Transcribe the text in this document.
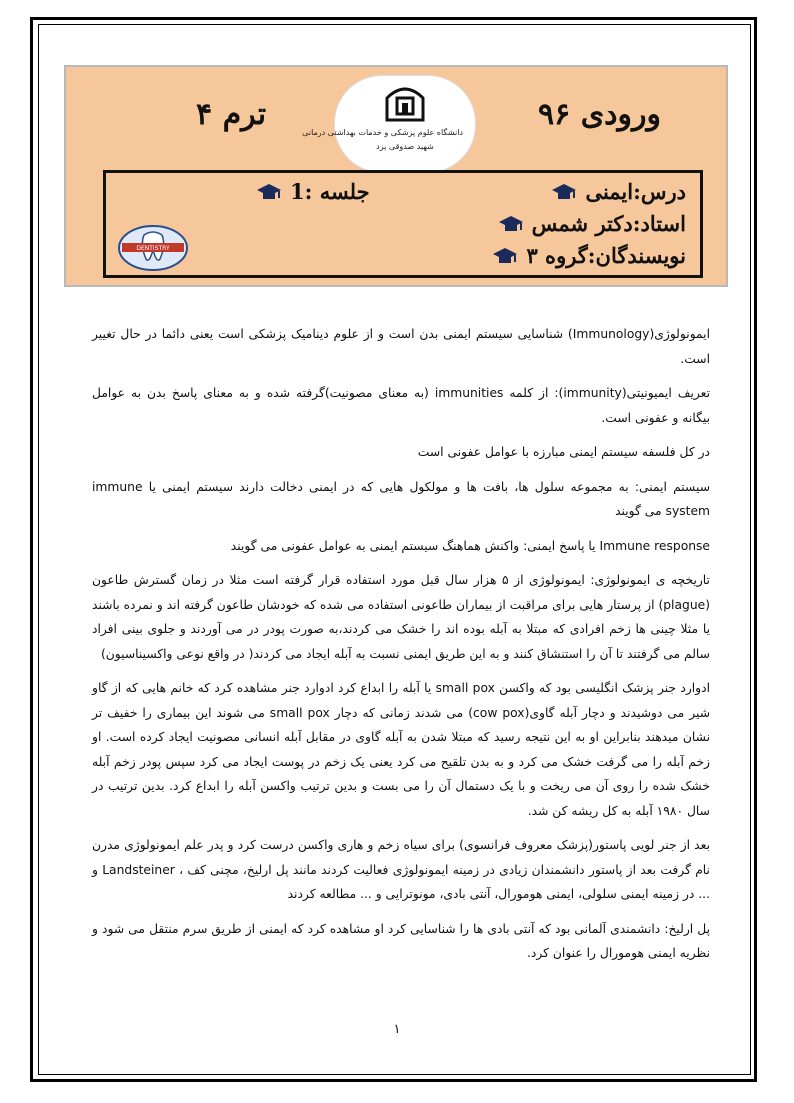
ترم ۴	ورودی ۹۶
دانشگاه علوم پزشکی و خدمات بهداشتی درمانی
شهید صدوقی یزد
درس:ایمنی
جلسه :1
استاد:دکتر شمس
نویسندگان:گروه ۳
DENTISTRY

ایمونولوژی(Immunology) شناسایی سیستم ایمنی بدن است و از علوم دینامیک پزشکی است یعنی دائما در حال تغییر است.

تعریف ایمیونیتی(immunity): از کلمه immunities (به معنای مصونیت)گرفته شده و به معنای پاسخ بدن به عوامل بیگانه و عفونی است.

در کل فلسفه سیستم ایمنی مبارزه با عوامل عفونی است

سیستم ایمنی: به مجموعه سلول ها، بافت ها و مولکول هایی که در ایمنی دخالت دارند سیستم ایمنی یا immune system می گویند

Immune response یا پاسخ ایمنی: واکنش هماهنگ سیستم ایمنی به عوامل عفونی می گویند

تاریخچه ی ایمونولوژی: ایمونولوژی از ۵ هزار سال قبل مورد استفاده قرار گرفته است مثلا در زمان گسترش طاعون (plague) از پرستار هایی برای مراقبت از بیماران طاعونی استفاده می شده که خودشان طاعون گرفته اند و نمرده باشند یا مثلا چینی ها زخم افرادی که مبتلا به آبله بوده اند را خشک می کردند،به صورت پودر در می آوردند و جلوی بینی افراد سالم می گرفتند تا آن را استنشاق کنند و به این طریق ایمنی نسبت به آبله ایجاد می کردند( در واقع نوعی واکسیناسیون)

ادوارد جنر پزشک انگلیسی بود که واکسن small pox یا آبله را ابداع کرد ادوارد جنر مشاهده کرد که خانم هایی که از گاو شیر می دوشیدند و دچار آبله گاوی(cow pox) می شدند زمانی که دچار small pox می شوند این بیماری را خفیف تر نشان میدهند بنابراین او به این نتیجه رسید که مبتلا شدن به آبله گاوی در مقابل آبله انسانی مصونیت ایجاد کرده است. او زخم آبله را می گرفت خشک می کرد و به بدن تلقیح می کرد یعنی یک زخم در پوست ایجاد می کرد سپس پودر زخم آبله خشک شده را روی آن می ریخت و با یک دستمال آن را می بست و بدین ترتیب واکسن آبله را ابداع کرد. بدین ترتیب در سال ۱۹۸۰ آبله به کل ریشه کن شد.

بعد از جنر لویی پاستور(پزشک معروف فرانسوی) برای سیاه زخم و هاری واکسن درست کرد و پدر علم ایمونولوژی مدرن نام گرفت بعد از پاستور دانشمندان زیادی در زمینه ایمونولوژی فعالیت کردند مانند پل ارلیخ، مچنی کف ، Landsteiner و ... در زمینه ایمنی سلولی، ایمنی هومورال، آنتی بادی، مونوترایی و ... مطالعه کردند

پل ارلیخ: دانشمندی آلمانی بود که آنتی بادی ها را شناسایی کرد او مشاهده کرد که ایمنی از طریق سرم منتقل می شود و نظریه ایمنی هومورال را عنوان کرد.

۱
